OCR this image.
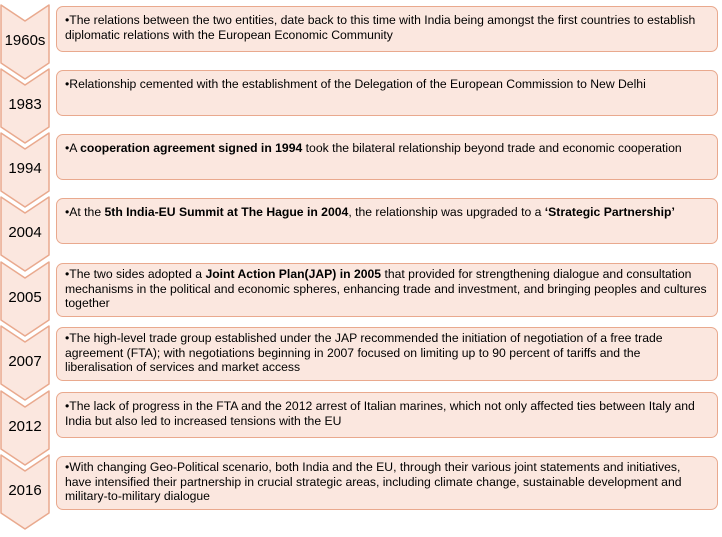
1960s
•The relations between the two entities, date back to this time with India being amongst the first countries to establish diplomatic relations with the European Economic Community
1983
•Relationship cemented with the establishment of the Delegation of the European Commission to New Delhi
1994
•A cooperation agreement signed in 1994 took the bilateral relationship beyond trade and economic cooperation
2004
•At the 5th India-EU Summit at The Hague in 2004, the relationship was upgraded to a ‘Strategic Partnership’
2005
•The two sides adopted a Joint Action Plan(JAP) in 2005 that provided for strengthening dialogue and consultation mechanisms in the political and economic spheres, enhancing trade and investment, and bringing peoples and cultures together
2007
•The high-level trade group established under the JAP recommended the initiation of negotiation of a free trade agreement (FTA); with negotiations beginning in 2007 focused on limiting up to 90 percent of tariffs and the liberalisation of services and market access
2012
•The lack of progress in the FTA and the 2012 arrest of Italian marines, which not only affected ties between Italy and India but also led to increased tensions with the EU
2016
•With changing Geo-Political scenario, both India and the EU, through their various joint statements and initiatives, have intensified their partnership in crucial strategic areas, including climate change, sustainable development and military-to-military dialogue
